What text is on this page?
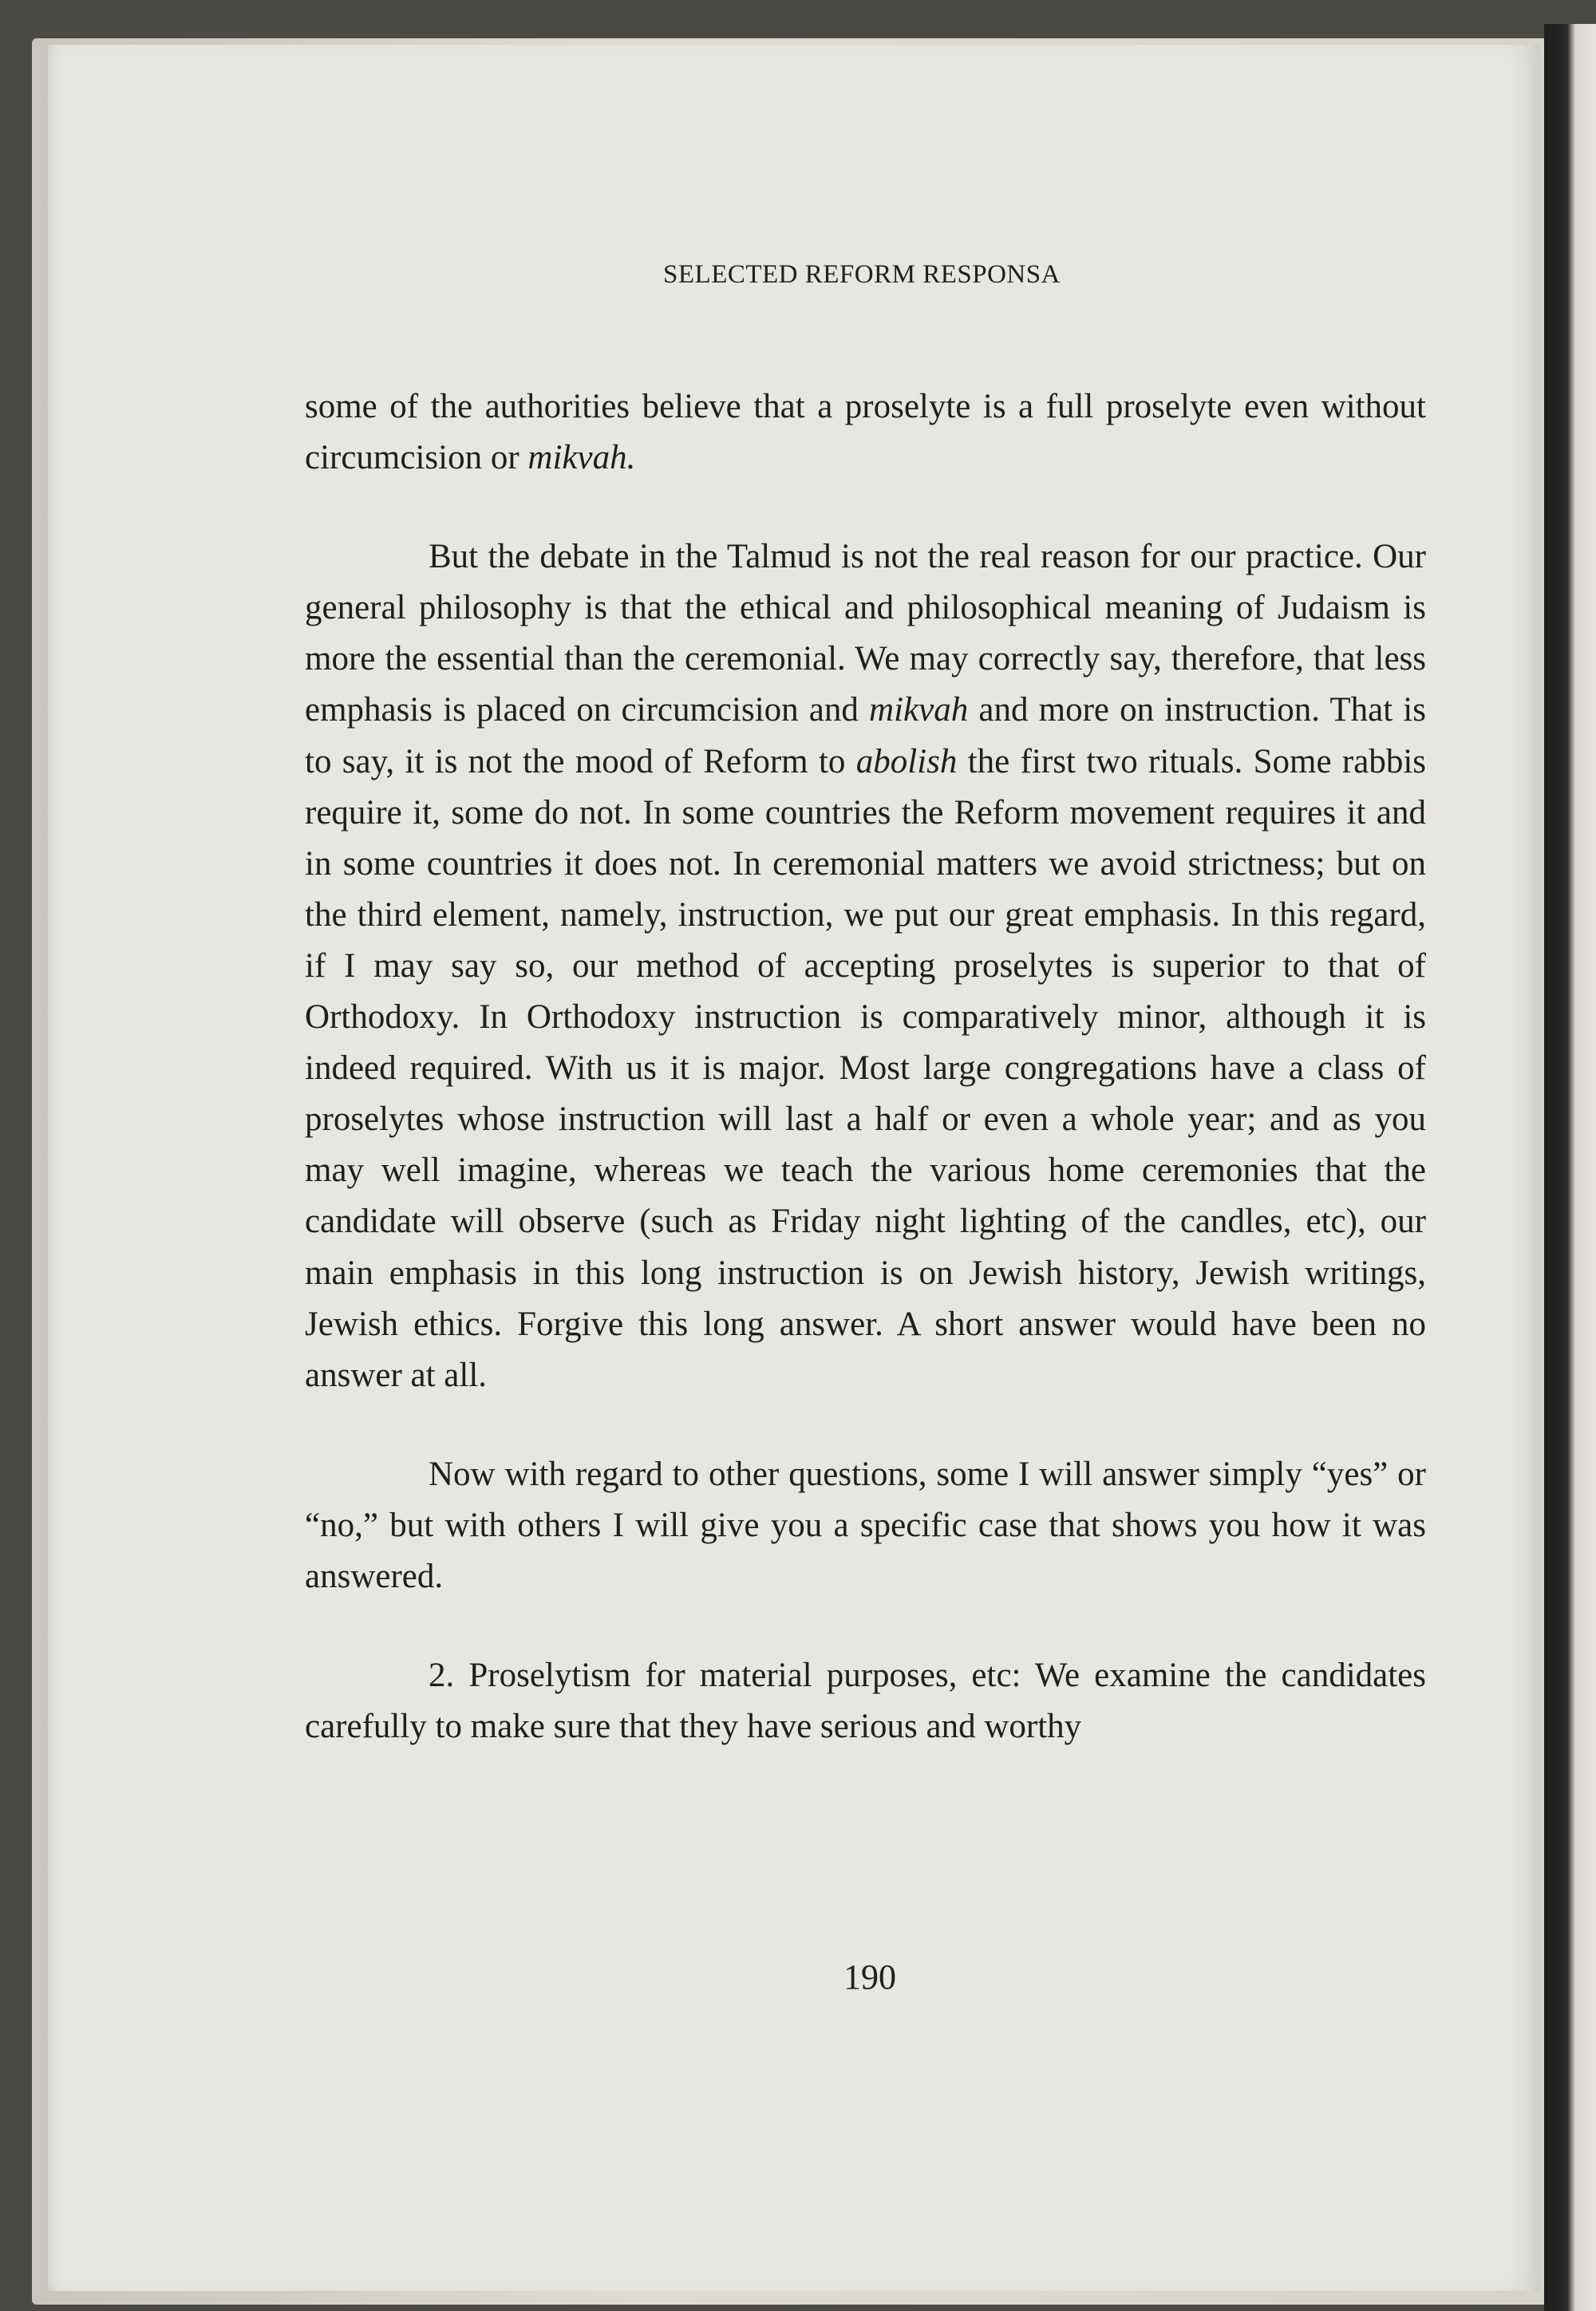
SELECTED REFORM RESPONSA

some of the authorities believe that a proselyte is a full proselyte even without circumcision or mikvah.

But the debate in the Talmud is not the real reason for our practice. Our general philosophy is that the ethical and philosophical meaning of Judaism is more the essential than the ceremonial. We may correctly say, therefore, that less emphasis is placed on circumcision and mikvah and more on instruction. That is to say, it is not the mood of Reform to abolish the first two rituals. Some rabbis require it, some do not. In some countries the Reform movement requires it and in some countries it does not. In ceremonial matters we avoid strictness; but on the third element, namely, instruction, we put our great emphasis. In this regard, if I may say so, our method of accepting proselytes is superior to that of Orthodoxy. In Orthodoxy instruction is comparatively minor, although it is indeed required. With us it is major. Most large congregations have a class of proselytes whose instruction will last a half or even a whole year; and as you may well imagine, whereas we teach the various home ceremonies that the candidate will observe (such as Friday night lighting of the candles, etc), our main emphasis in this long instruction is on Jewish history, Jewish writings, Jewish ethics. Forgive this long answer. A short answer would have been no answer at all.

Now with regard to other questions, some I will answer simply “yes” or “no,” but with others I will give you a specific case that shows you how it was answered.

2. Proselytism for material purposes, etc: We examine the candidates carefully to make sure that they have serious and worthy

190
